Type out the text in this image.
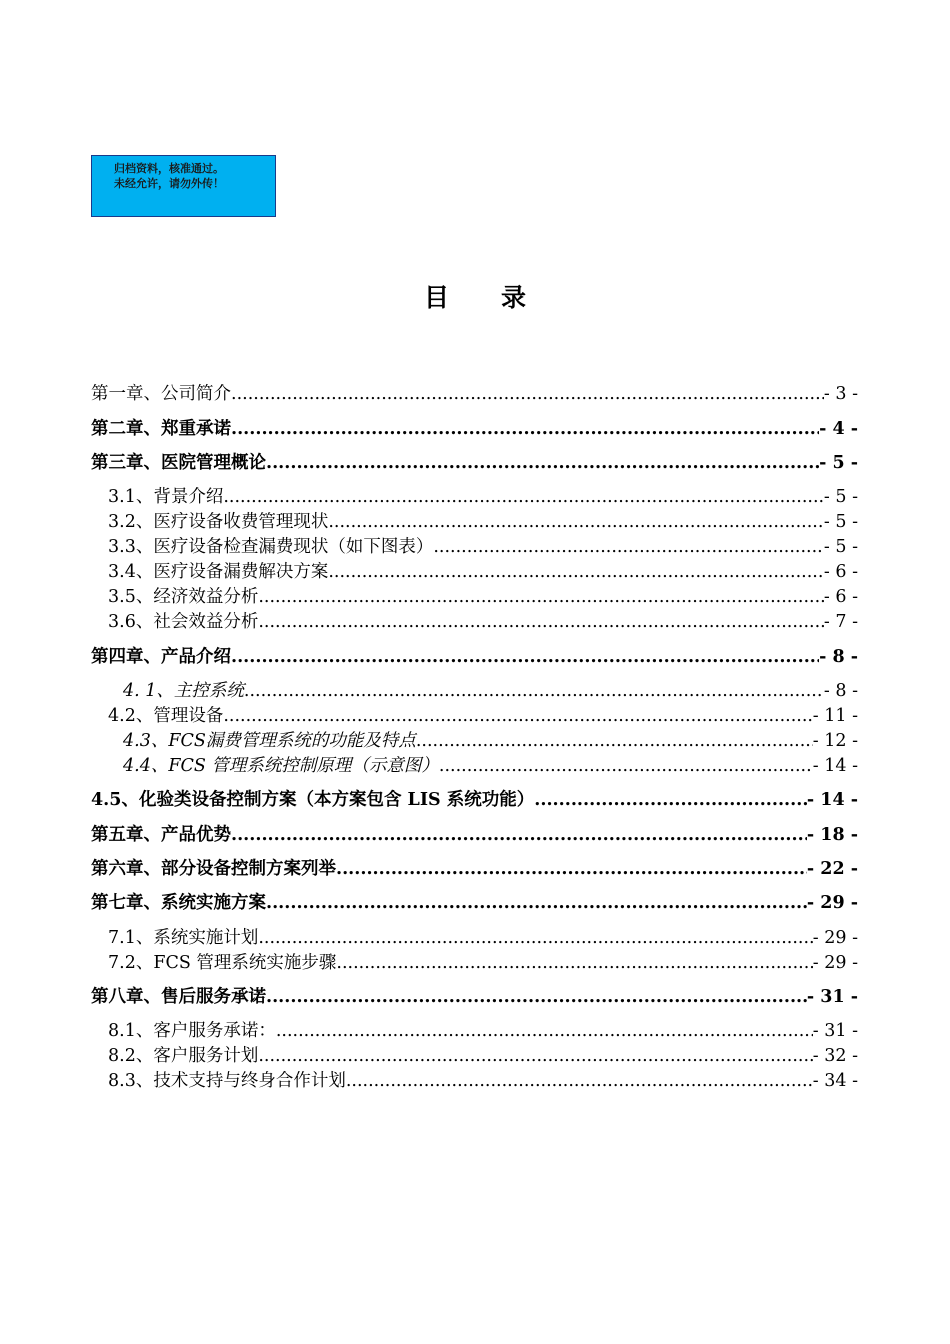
归档资料，核准通过。
未经允许，请勿外传！
目 录
第一章、公司简介 .....	- 3 -
第二章、郑重承诺 .....	- 4 -
第三章、医院管理概论 .....	- 5 -
3.1、背景介绍 .....	- 5 -
3.2、医疗设备收费管理现状 .....	- 5 -
3.3、医疗设备检查漏费现状（如下图表） .....	- 5 -
3.4、医疗设备漏费解决方案 .....	- 6 -
3.5、经济效益分析 .....	- 6 -
3.6、社会效益分析 .....	- 7 -
第四章、产品介绍 .....	- 8 -
4. 1、主控系统 .....	- 8 -
4.2、管理设备 .....	- 11 -
4.3、FCS漏费管理系统的功能及特点 .....	- 12 -
4.4、FCS 管理系统控制原理（示意图） .....	- 14 -
4.5、化验类设备控制方案（本方案包含 LIS 系统功能） .....	- 14 -
第五章、产品优势 .....	- 18 -
第六章、部分设备控制方案列举 .....	- 22 -
第七章、系统实施方案 .....	- 29 -
7.1、系统实施计划 .....	- 29 -
7.2、FCS 管理系统实施步骤 .....	- 29 -
第八章、售后服务承诺 .....	- 31 -
8.1、客户服务承诺： .....	- 31 -
8.2、客户服务计划 .....	- 32 -
8.3、技术支持与终身合作计划 .....	- 34 -
